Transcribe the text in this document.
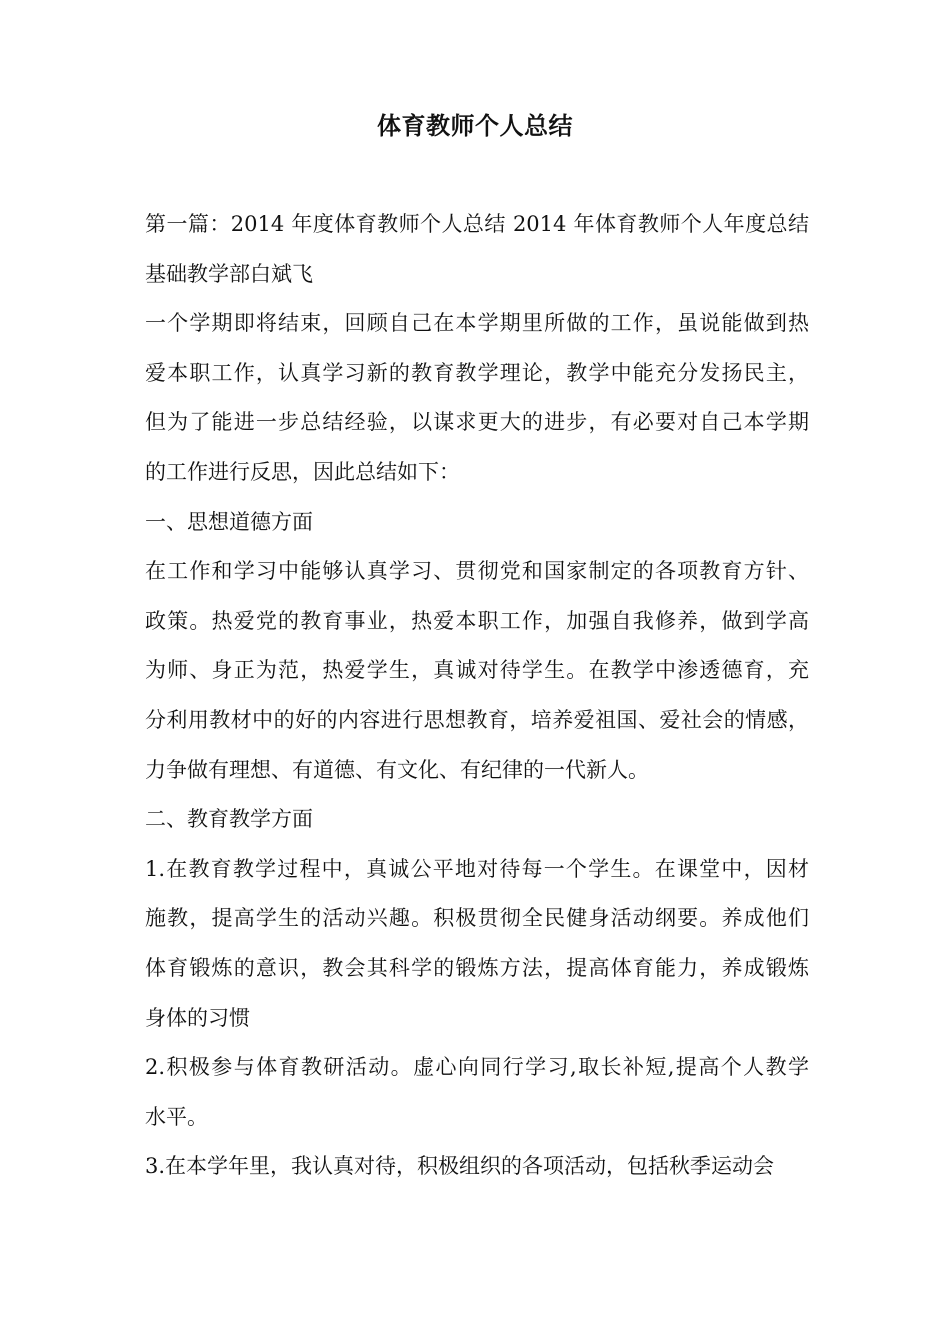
体育教师个人总结

第一篇：2014 年度体育教师个人总结 2014 年体育教师个人年度总结
基础教学部白斌飞

一个学期即将结束，回顾自己在本学期里所做的工作，虽说能做到热
爱本职工作，认真学习新的教育教学理论，教学中能充分发扬民主，
但为了能进一步总结经验，以谋求更大的进步，有必要对自己本学期
的工作进行反思，因此总结如下：

一、思想道德方面

在工作和学习中能够认真学习、贯彻党和国家制定的各项教育方针、
政策。热爱党的教育事业，热爱本职工作，加强自我修养，做到学高
为师、身正为范，热爱学生，真诚对待学生。在教学中渗透德育，充
分利用教材中的好的内容进行思想教育，培养爱祖国、爱社会的情感，
力争做有理想、有道德、有文化、有纪律的一代新人。

二、教育教学方面

1.在教育教学过程中，真诚公平地对待每一个学生。在课堂中，因材
施教，提高学生的活动兴趣。积极贯彻全民健身活动纲要。养成他们
体育锻炼的意识，教会其科学的锻炼方法，提高体育能力，养成锻炼
身体的习惯

2.积极参与体育教研活动。虚心向同行学习,取长补短,提高个人教学
水平。

3.在本学年里，我认真对待，积极组织的各项活动，包括秋季运动会
